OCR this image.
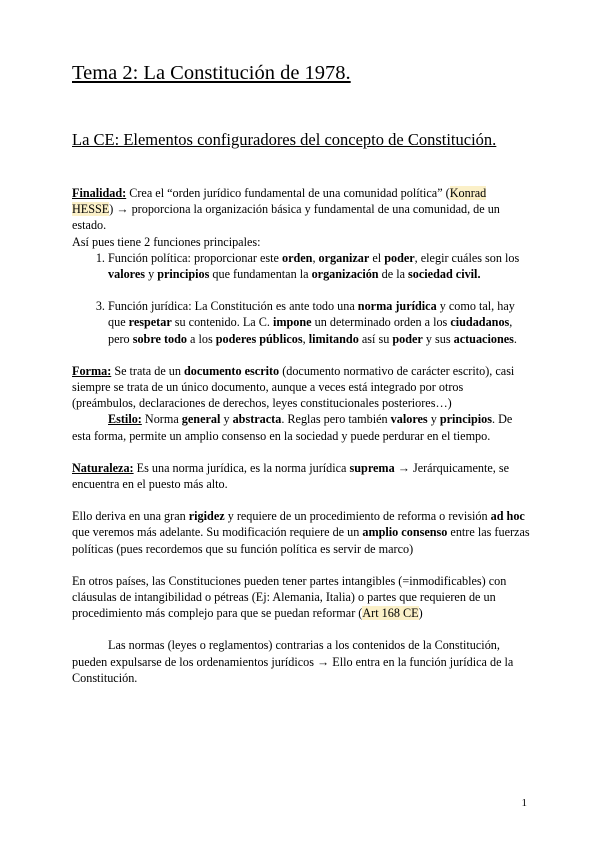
Tema 2: La Constitución de 1978.
La CE: Elementos configuradores del concepto de Constitución.

Finalidad: Crea el “orden jurídico fundamental de una comunidad política” (Konrad HESSE) → proporciona la organización básica y fundamental de una comunidad, de un estado.

Así pues tiene 2 funciones principales:

1. Función política: proporcionar este orden, organizar el poder, elegir cuáles son los valores y principios que fundamentan la organización de la sociedad civil.
3. Función jurídica: La Constitución es ante todo una norma jurídica y como tal, hay que respetar su contenido. La C. impone un determinado orden a los ciudadanos, pero sobre todo a los poderes públicos, limitando así su poder y sus actuaciones.

Forma: Se trata de un documento escrito (documento normativo de carácter escrito), casi siempre se trata de un único documento, aunque a veces está integrado por otros (preámbulos, declaraciones de derechos, leyes constitucionales posteriores…)

Estilo: Norma general y abstracta. Reglas pero también valores y principios. De esta forma, permite un amplio consenso en la sociedad y puede perdurar en el tiempo.

Naturaleza: Es una norma jurídica, es la norma jurídica suprema → Jerárquicamente, se encuentra en el puesto más alto.

Ello deriva en una gran rigidez y requiere de un procedimiento de reforma o revisión ad hoc que veremos más adelante. Su modificación requiere de un amplio consenso entre las fuerzas políticas (pues recordemos que su función política es servir de marco)

En otros países, las Constituciones pueden tener partes intangibles (=inmodificables) con cláusulas de intangibilidad o pétreas (Ej: Alemania, Italia) o partes que requieren de un procedimiento más complejo para que se puedan reformar (Art 168 CE)

Las normas (leyes o reglamentos) contrarias a los contenidos de la Constitución, pueden expulsarse de los ordenamientos jurídicos → Ello entra en la función jurídica de la Constitución.

1
